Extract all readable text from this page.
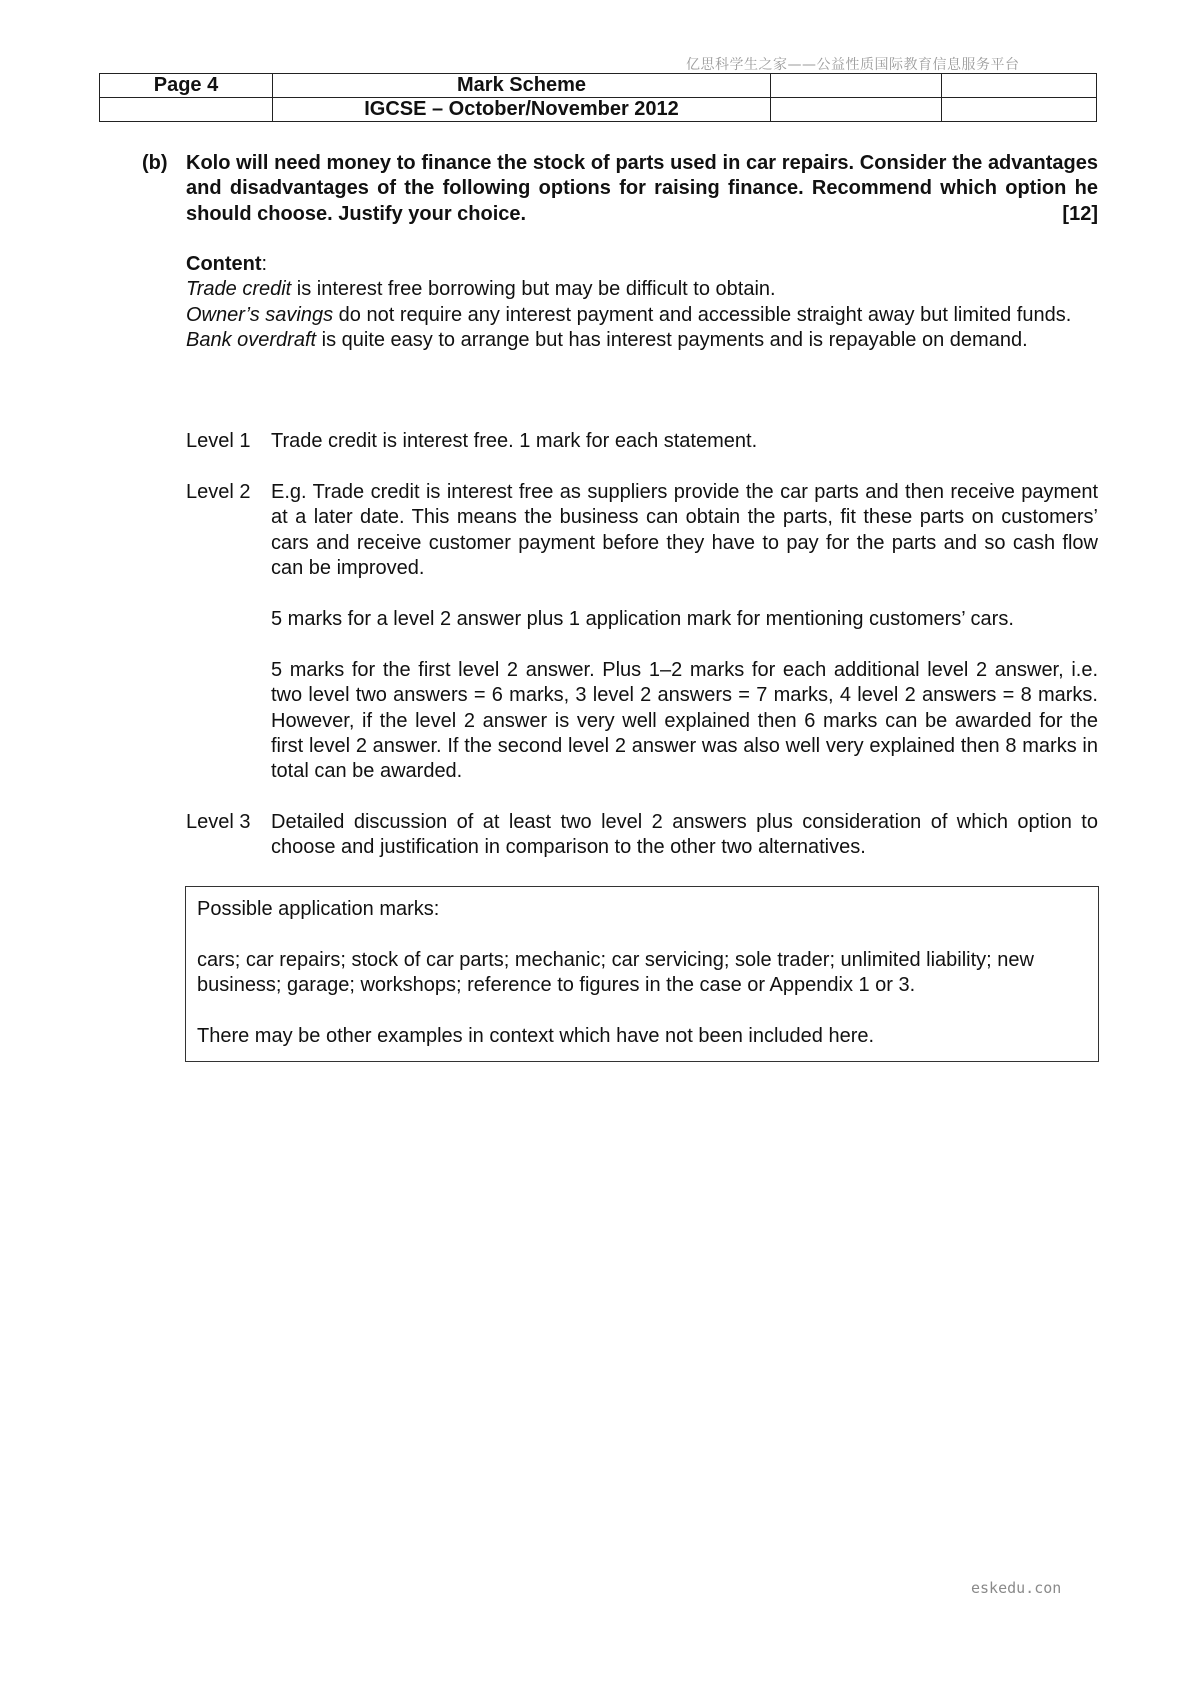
亿思科学生之家——公益性质国际教育信息服务平台
Page 4	Mark Scheme		
	IGCSE – October/November 2012		
(b) Kolo will need money to finance the stock of parts used in car repairs. Consider the advantages and disadvantages of the following options for raising finance. Recommend which option he should choose. Justify your choice.	[12]
Content:
Trade credit is interest free borrowing but may be difficult to obtain.
Owner’s savings do not require any interest payment and accessible straight away but limited funds.
Bank overdraft is quite easy to arrange but has interest payments and is repayable on demand.
Level 1 Trade credit is interest free. 1 mark for each statement.

Level 2 E.g. Trade credit is interest free as suppliers provide the car parts and then receive payment at a later date. This means the business can obtain the parts, fit these parts on customers’ cars and receive customer payment before they have to pay for the parts and so cash flow can be improved.

5 marks for a level 2 answer plus 1 application mark for mentioning customers’ cars.

5 marks for the first level 2 answer. Plus 1–2 marks for each additional level 2 answer, i.e. two level two answers = 6 marks, 3 level 2 answers = 7 marks, 4 level 2 answers = 8 marks. However, if the level 2 answer is very well explained then 6 marks can be awarded for the first level 2 answer. If the second level 2 answer was also well very explained then 8 marks in total can be awarded.

Level 3 Detailed discussion of at least two level 2 answers plus consideration of which option to choose and justification in comparison to the other two alternatives.

Possible application marks:

cars; car repairs; stock of car parts; mechanic; car servicing; sole trader; unlimited liability; new business; garage; workshops; reference to figures in the case or Appendix 1 or 3.

There may be other examples in context which have not been included here.

eskedu.con
